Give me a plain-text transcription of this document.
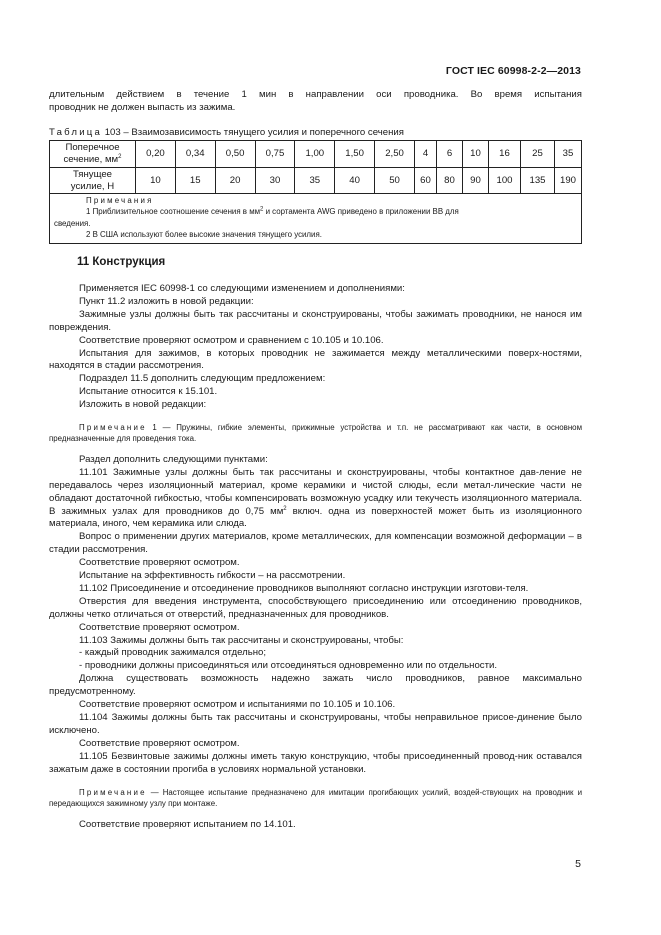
ГОСТ IEC 60998-2-2—2013

длительным действием в течение 1 мин в направлении оси проводника. Во время испытания

проводник не должен выпасть из зажима.

Таблица 103 – Взаимозависимость тянущего усилия и поперечного сечения
Поперечное
сечение, $мм^2$	0,20	0,34	0,50	0,75	1,00	1,50	2,50	4	6	10	16	25	35

Тянущее
усилие, Н	10	15	20	30	35	40	50	60	80	90	100	135	190

Примечания
1 Приблизительное соотношение сечения в $мм^2$ и сортамента AWG приведено в приложении BB для
сведения.
2 В США используют более высокие значения тянущего усилия.													
11 Конструкция

Применяется IEC 60998-1 со следующими изменением и дополнениями:

Пункт 11.2 изложить в новой редакции:

Зажимные узлы должны быть так рассчитаны и сконструированы, чтобы зажимать проводники, не нанося им повреждения.

Соответствие проверяют осмотром и сравнением с 10.105 и 10.106.

Испытания для зажимов, в которых проводник не зажимается между металлическими поверх-ностями, находятся в стадии рассмотрения.

Подраздел 11.5 дополнить следующим предложением:

Испытание относится к 15.101.

Изложить в новой редакции:

Примечание 1 — Пружины, гибкие элементы, прижимные устройства и т.п. не рассматривают как части, в основном предназначенные для проведения тока.

Раздел дополнить следующими пунктами:

11.101 Зажимные узлы должны быть так рассчитаны и сконструированы, чтобы контактное дав-ление не передавалось через изоляционный материал, кроме керамики и чистой слюды, если метал-лические части не обладают достаточной гибкостью, чтобы компенсировать возможную усадку или текучесть изоляционного материала. В зажимных узлах для проводников до 0,75 $мм^2$ включ. одна из поверхностей может быть из изоляционного материала, иного, чем керамика или слюда.

Вопрос о применении других материалов, кроме металлических, для компенсации возможной деформации – в стадии рассмотрения.

Соответствие проверяют осмотром.

Испытание на эффективность гибкости – на рассмотрении.

11.102 Присоединение и отсоединение проводников выполняют согласно инструкции изготови-теля.

Отверстия для введения инструмента, способствующего присоединению или отсоединению проводников, должны четко отличаться от отверстий, предназначенных для проводников.

Соответствие проверяют осмотром.

11.103 Зажимы должны быть так рассчитаны и сконструированы, чтобы:

- каждый проводник зажимался отдельно;

- проводники должны присоединяться или отсоединяться одновременно или по отдельности.

Должна существовать возможность надежно зажать число проводников, равное максимально предусмотренному.

Соответствие проверяют осмотром и испытаниями по 10.105 и 10.106.

11.104 Зажимы должны быть так рассчитаны и сконструированы, чтобы неправильное присое-динение было исключено.

Соответствие проверяют осмотром.

11.105 Безвинтовые зажимы должны иметь такую конструкцию, чтобы присоединенный провод-ник оставался зажатым даже в состоянии прогиба в условиях нормальной установки.

Примечание — Настоящее испытание предназначено для имитации прогибающих усилий, воздей-ствующих на проводник и передающихся зажимному узлу при монтаже.

Соответствие проверяют испытанием по 14.101.

5
